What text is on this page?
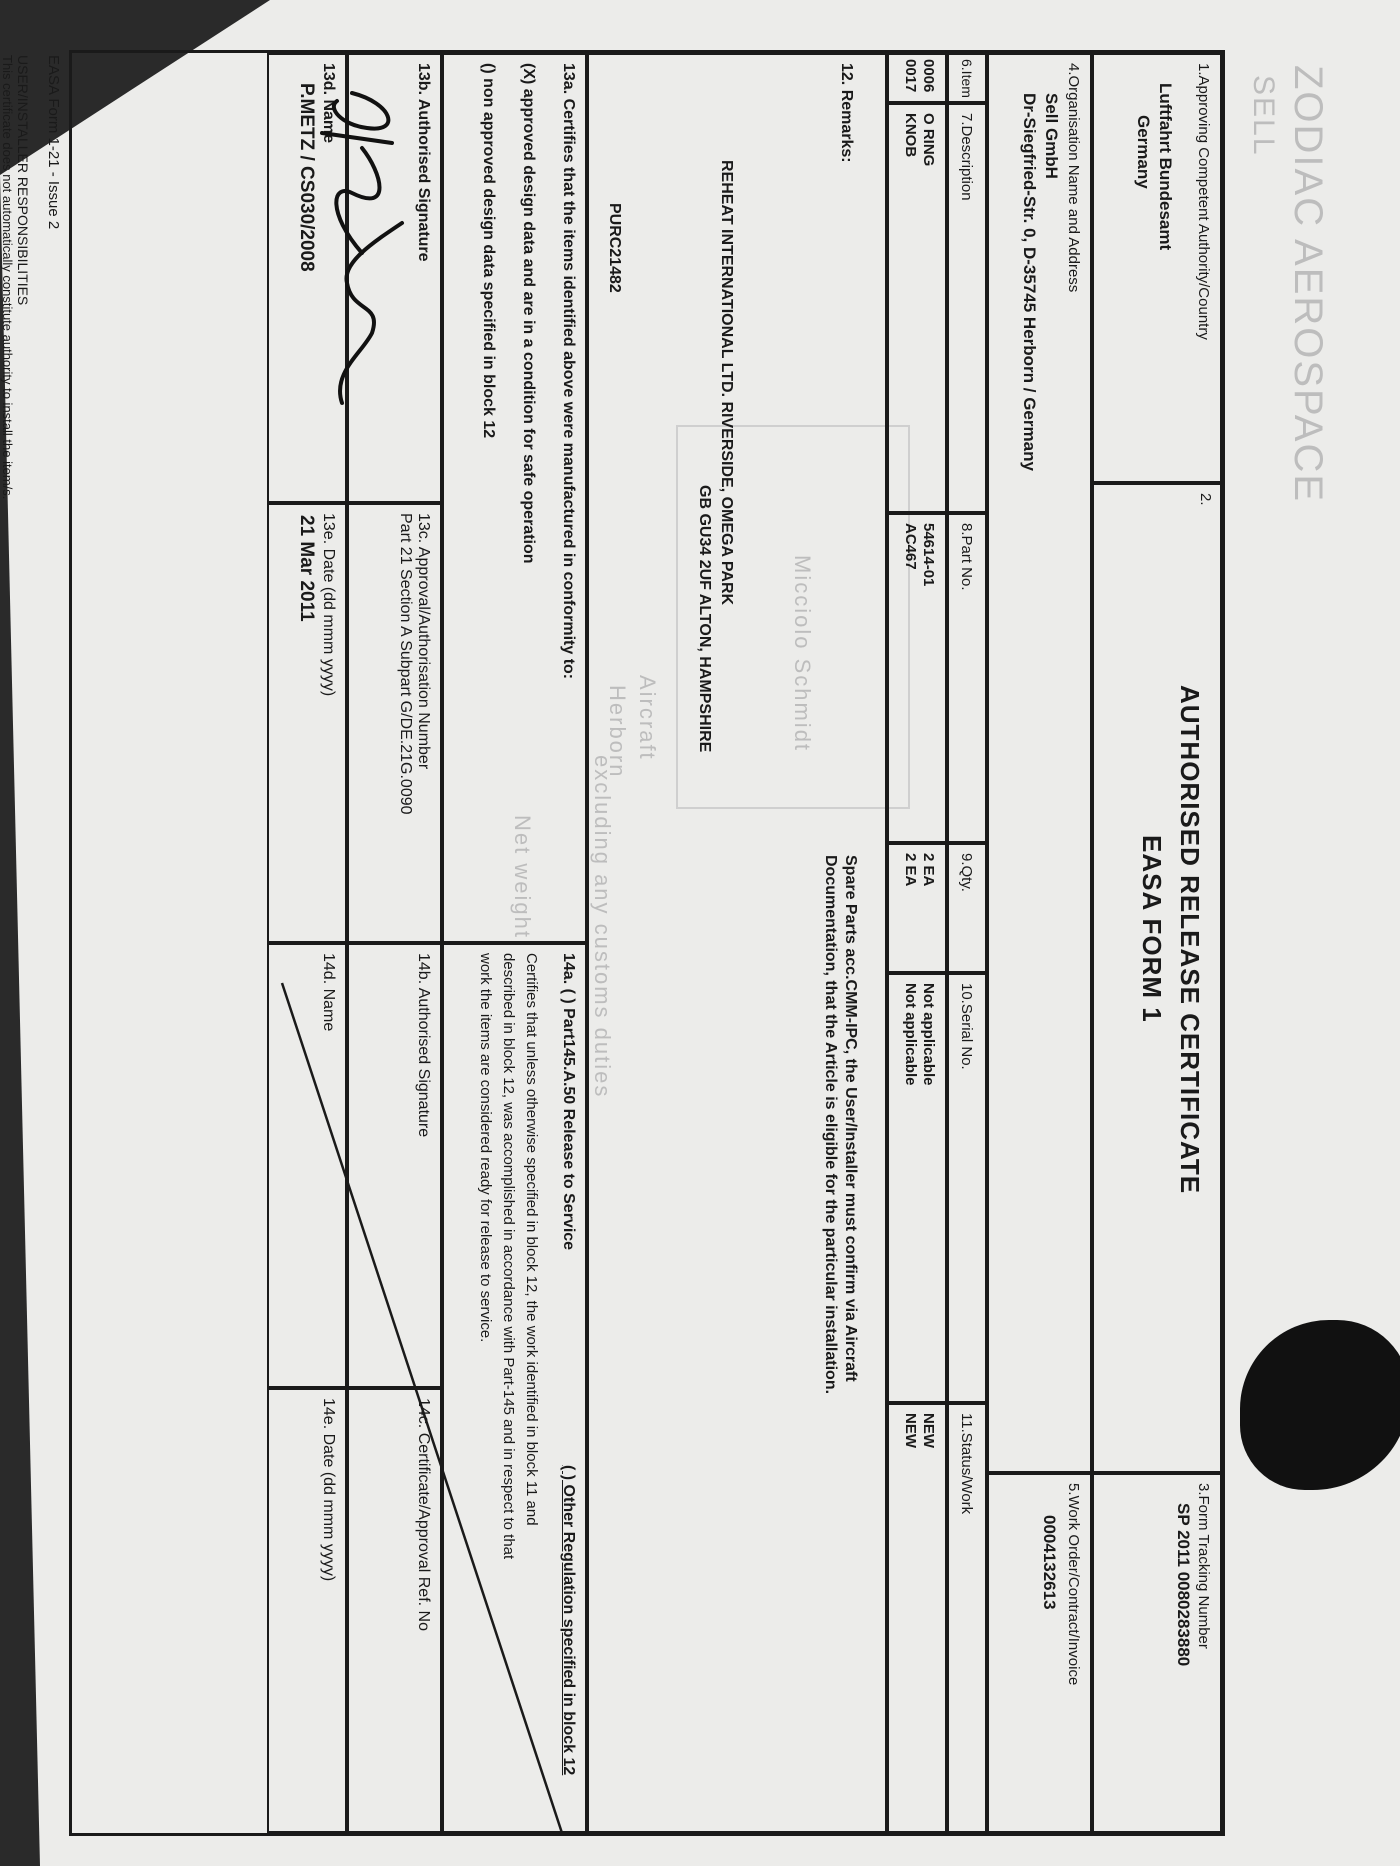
ZODIAC AEROSPACE
SELL
Micciolo Schmidt
Aircraft
Herborn
excluding any customs duties
Net weight
1.Approving Competent Authority/Country
Luftfahrt Bundesamt
Germany
2.
AUTHORISED RELEASE CERTIFICATE
EASA FORM 1
3.Form Tracking Number
SP 2011 0080283880
4.Organisation Name and Address
Sell GmbH
Dr-Siegfried-Str. 0, D-35745 Herborn / Germany
5.Work Order/Contract/Invoice
0004132613
6.Item
7.Description
8.Part No.
9.Qty.
10.Serial No.
11.Status/Work
0006
0017
O RING
KNOB
54614-01
AC467
2 EA
2 EA
Not applicable
Not applicable
NEW
NEW
12. Remarks:
Spare Parts acc.CMM-IPC, the User/Installer must confirm via Aircraft
Documentation, that the Article is eligible for the particular installation.
REHEAT INTERNATIONAL LTD. RIVERSIDE, OMEGA PARK
GB GU34 2UF ALTON, HAMPSHIRE
PURC21482
13a. Certifies that the items identified above were manufactured in conformity to:
(X) approved design data and are in a condition for safe operation
() non approved design data specified in block 12
14a. ( ) Part145.A.50 Release to Service
( ) Other Regulation specified in block 12
Certifies that unless otherwise specified in block 12, the work identified in block 11 and
described in block 12, was accomplished in accordance with Part-145 and in respect to that
work the items are considered ready for release to service.
13b. Authorised Signature
13c. Approval/Authorisation Number
Part 21 Section A Subpart G/DE.21G.0090
14b. Authorised Signature
14c. Certificate/Approval Ref. No
13d. Name
P.METZ / CS030/2008
13e. Date (dd mmm yyyy)
21 Mar 2011
14d. Name
14e. Date (dd mmm yyyy)
EASA Form 1-21 - Issue 2
USER/INSTALLER RESPONSIBILITIES
This certificate does not automatically constitute authority to install the item/s.
